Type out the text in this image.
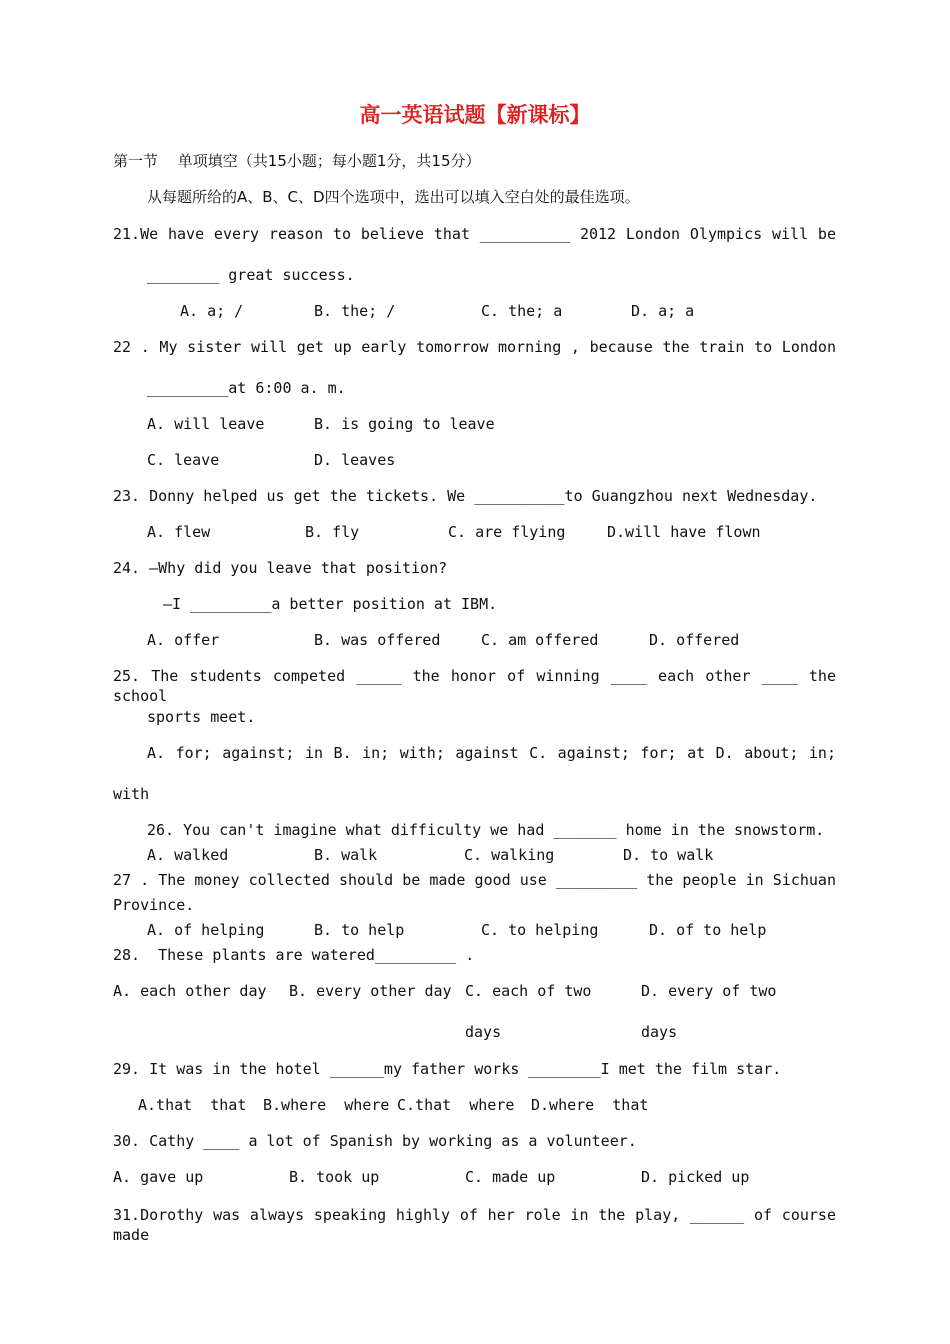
高一英语试题【新课标】
第一节　 单项填空（共15小题；每小题1分，共15分）
从每题所给的A、B、C、D四个选项中，选出可以填入空白处的最佳选项。
21.We have every reason to believe that __________ 2012 London Olympics will be
________ great success.
A. a; /	B. the; /	C. the; a	D. a; a
22 . My sister will get up early tomorrow morning , because the train to London
_________at 6:00 a. m.
A. will leave	B. is going to leave
C. leave	D. leaves
23. Donny helped us get the tickets. We __________to Guangzhou next Wednesday.
A. flew	B. fly	C. are flying	D.will have flown
24. —Why did you leave that position?
—I _________a better position at IBM.
A. offer	B. was offered	C. am offered	D. offered
25. The students competed _____ the honor of winning ____ each other ____ the school
sports meet.
A. for; against; in B. in; with; against C. against; for; at D. about; in;
with
26. You can't imagine what difficulty we had _______ home in the snowstorm.
A. walked	B. walk	C. walking	D. to walk
27 . The money collected should be made good use _________ the people in Sichuan
Province.
A. of helping	B. to help	C. to helping	D. of to help
28.  These plants are watered_________ .
A. each other day B. every other day C. each of two	D. every of two
days	days
29. It was in the hotel ______my father works ________I met the film star.
A.that  that B.where  where C.that  where D.where  that
30. Cathy ____ a lot of Spanish by working as a volunteer.
A. gave up	B. took up	C. made up	D. picked up
31.Dorothy was always speaking highly of her role in the play, ______ of course made
